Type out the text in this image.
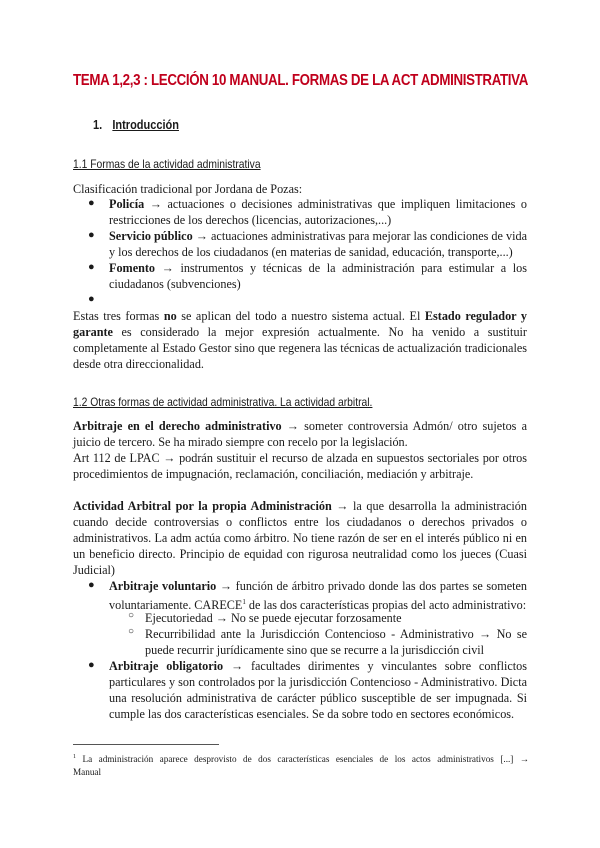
TEMA 1,2,3 : LECCIÓN 10 MANUAL. FORMAS DE LA ACT ADMINISTRATIVA
1. Introducción
1.1 Formas de la actividad administrativa
Clasificación tradicional por Jordana de Pozas:
● Policía → actuaciones o decisiones administrativas que impliquen limitaciones o
restricciones de los derechos (licencias, autorizaciones,...)
● Servicio público → actuaciones administrativas para mejorar las condiciones de vida
y los derechos de los ciudadanos (en materias de sanidad, educación, transporte,...)
● Fomento → instrumentos y técnicas de la administración para estimular a los
ciudadanos (subvenciones)
●
Estas tres formas no se aplican del todo a nuestro sistema actual. El Estado regulador y
garante es considerado la mejor expresión actualmente. No ha venido a sustituir
completamente al Estado Gestor sino que regenera las técnicas de actualización tradicionales
desde otra direccionalidad.
1.2 Otras formas de actividad administrativa. La actividad arbitral.
Arbitraje en el derecho administrativo → someter controversia Admón/ otro sujetos a
juicio de tercero. Se ha mirado siempre con recelo por la legislación.
Art 112 de LPAC → podrán sustituir el recurso de alzada en supuestos sectoriales por otros
procedimientos de impugnación, reclamación, conciliación, mediación y arbitraje.
Actividad Arbitral por la propia Administración → la que desarrolla la administración
cuando decide controversias o conflictos entre los ciudadanos o derechos privados o
administrativos. La adm actúa como árbitro. No tiene razón de ser en el interés público ni en
un beneficio directo. Principio de equidad con rigurosa neutralidad como los jueces (Cuasi
Judicial)
● Arbitraje voluntario → función de árbitro privado donde las dos partes se someten
voluntariamente. CARECE$^1$ de las dos características propias del acto administrativo:
○ Ejecutoriedad → No se puede ejecutar forzosamente
○ Recurribilidad ante la Jurisdicción Contencioso - Administrativo → No se
puede recurrir jurídicamente sino que se recurre a la jurisdicción civil
● Arbitraje obligatorio → facultades dirimentes y vinculantes sobre conflictos
particulares y son controlados por la jurisdicción Contencioso - Administrativo. Dicta
una resolución administrativa de carácter público susceptible de ser impugnada. Si
cumple las dos características esenciales. Se da sobre todo en sectores económicos.
$^1$ La administración aparece desprovisto de dos características esenciales de los actos administrativos [...] →
Manual
